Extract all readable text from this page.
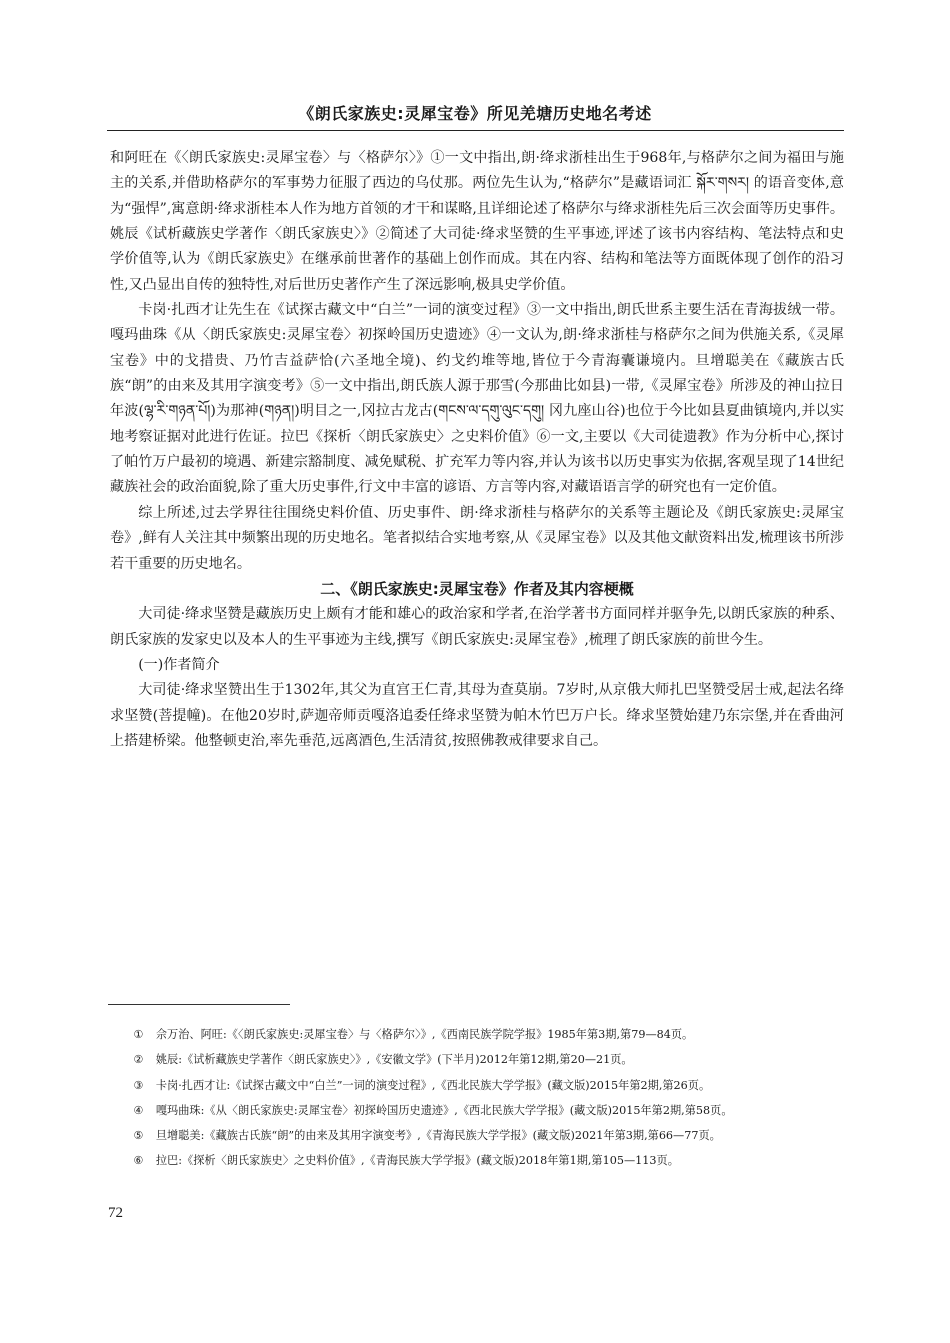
《朗氏家族史:灵犀宝卷》所见羌塘历史地名考述

和阿旺在《〈朗氏家族史:灵犀宝卷〉与〈格萨尔〉》①一文中指出,朗·绛求浙桂出生于968年,与格萨尔之间为福田与施主的关系,并借助格萨尔的军事势力征服了西边的乌仗那。两位先生认为,“格萨尔”是藏语词汇 སྐོར་གསར། 的语音变体,意为“强悍”,寓意朗·绛求浙桂本人作为地方首领的才干和谋略,且详细论述了格萨尔与绛求浙桂先后三次会面等历史事件。姚辰《试析藏族史学著作〈朗氏家族史〉》②简述了大司徒·绛求坚赞的生平事迹,评述了该书内容结构、笔法特点和史学价值等,认为《朗氏家族史》在继承前世著作的基础上创作而成。其在内容、结构和笔法等方面既体现了创作的沿习性,又凸显出自传的独特性,对后世历史著作产生了深远影响,极具史学价值。

卡岗·扎西才让先生在《试探古藏文中“白兰”一词的演变过程》③一文中指出,朗氏世系主要生活在青海拔绒一带。嘎玛曲珠《从〈朗氏家族史:灵犀宝卷〉初探岭国历史遗迹》④一文认为,朗·绛求浙桂与格萨尔之间为供施关系,《灵犀宝卷》中的戈措贵、乃竹吉益萨恰(六圣地全境)、约戈约堆等地,皆位于今青海囊谦境内。旦增聪美在《藏族古氏族“朗”的由来及其用字演变考》⑤一文中指出,朗氏族人源于那雪(今那曲比如县)一带,《灵犀宝卷》所涉及的神山拉日年波(ལྷ་རི་གཉན་པོ།)为那神(གཉན།)明目之一,冈拉古龙古(གངས་ལ་དགུ་ལུང་དགུ། 冈九座山谷)也位于今比如县夏曲镇境内,并以实地考察证据对此进行佐证。拉巴《探析〈朗氏家族史〉之史料价值》⑥一文,主要以《大司徒遗教》作为分析中心,探讨了帕竹万户最初的境遇、新建宗豁制度、减免赋税、扩充军力等内容,并认为该书以历史事实为依据,客观呈现了14世纪藏族社会的政治面貌,除了重大历史事件,行文中丰富的谚语、方言等内容,对藏语语言学的研究也有一定价值。

综上所述,过去学界往往围绕史料价值、历史事件、朗·绛求浙桂与格萨尔的关系等主题论及《朗氏家族史:灵犀宝卷》,鲜有人关注其中频繁出现的历史地名。笔者拟结合实地考察,从《灵犀宝卷》以及其他文献资料出发,梳理该书所涉若干重要的历史地名。

二、《朗氏家族史:灵犀宝卷》作者及其内容梗概

大司徒·绛求坚赞是藏族历史上颇有才能和雄心的政治家和学者,在治学著书方面同样并驱争先,以朗氏家族的种系、朗氏家族的发家史以及本人的生平事迹为主线,撰写《朗氏家族史:灵犀宝卷》,梳理了朗氏家族的前世今生。

(一)作者简介

大司徒·绛求坚赞出生于1302年,其父为直宫王仁青,其母为查莫崩。7岁时,从京俄大师扎巴坚赞受居士戒,起法名绛求坚赞(菩提幢)。在他20岁时,萨迦帝师贡嘎洛追委任绛求坚赞为帕木竹巴万户长。绛求坚赞始建乃东宗堡,并在香曲河上搭建桥梁。他整顿吏治,率先垂范,远离酒色,生活清贫,按照佛教戒律要求自己。

① 佘万治、阿旺:《〈朗氏家族史:灵犀宝卷〉与〈格萨尔〉》,《西南民族学院学报》1985年第3期,第79—84页。

② 姚辰:《试析藏族史学著作〈朗氏家族史〉》,《安徽文学》(下半月)2012年第12期,第20—21页。

③ 卡岗·扎西才让:《试探古藏文中“白兰”一词的演变过程》,《西北民族大学学报》(藏文版)2015年第2期,第26页。

④ 嘎玛曲珠:《从〈朗氏家族史:灵犀宝卷〉初探岭国历史遗迹》,《西北民族大学学报》(藏文版)2015年第2期,第58页。

⑤ 旦增聪美:《藏族古氏族“朗”的由来及其用字演变考》,《青海民族大学学报》(藏文版)2021年第3期,第66—77页。

⑥ 拉巴:《探析〈朗氏家族史〉之史料价值》,《青海民族大学学报》(藏文版)2018年第1期,第105—113页。

72
